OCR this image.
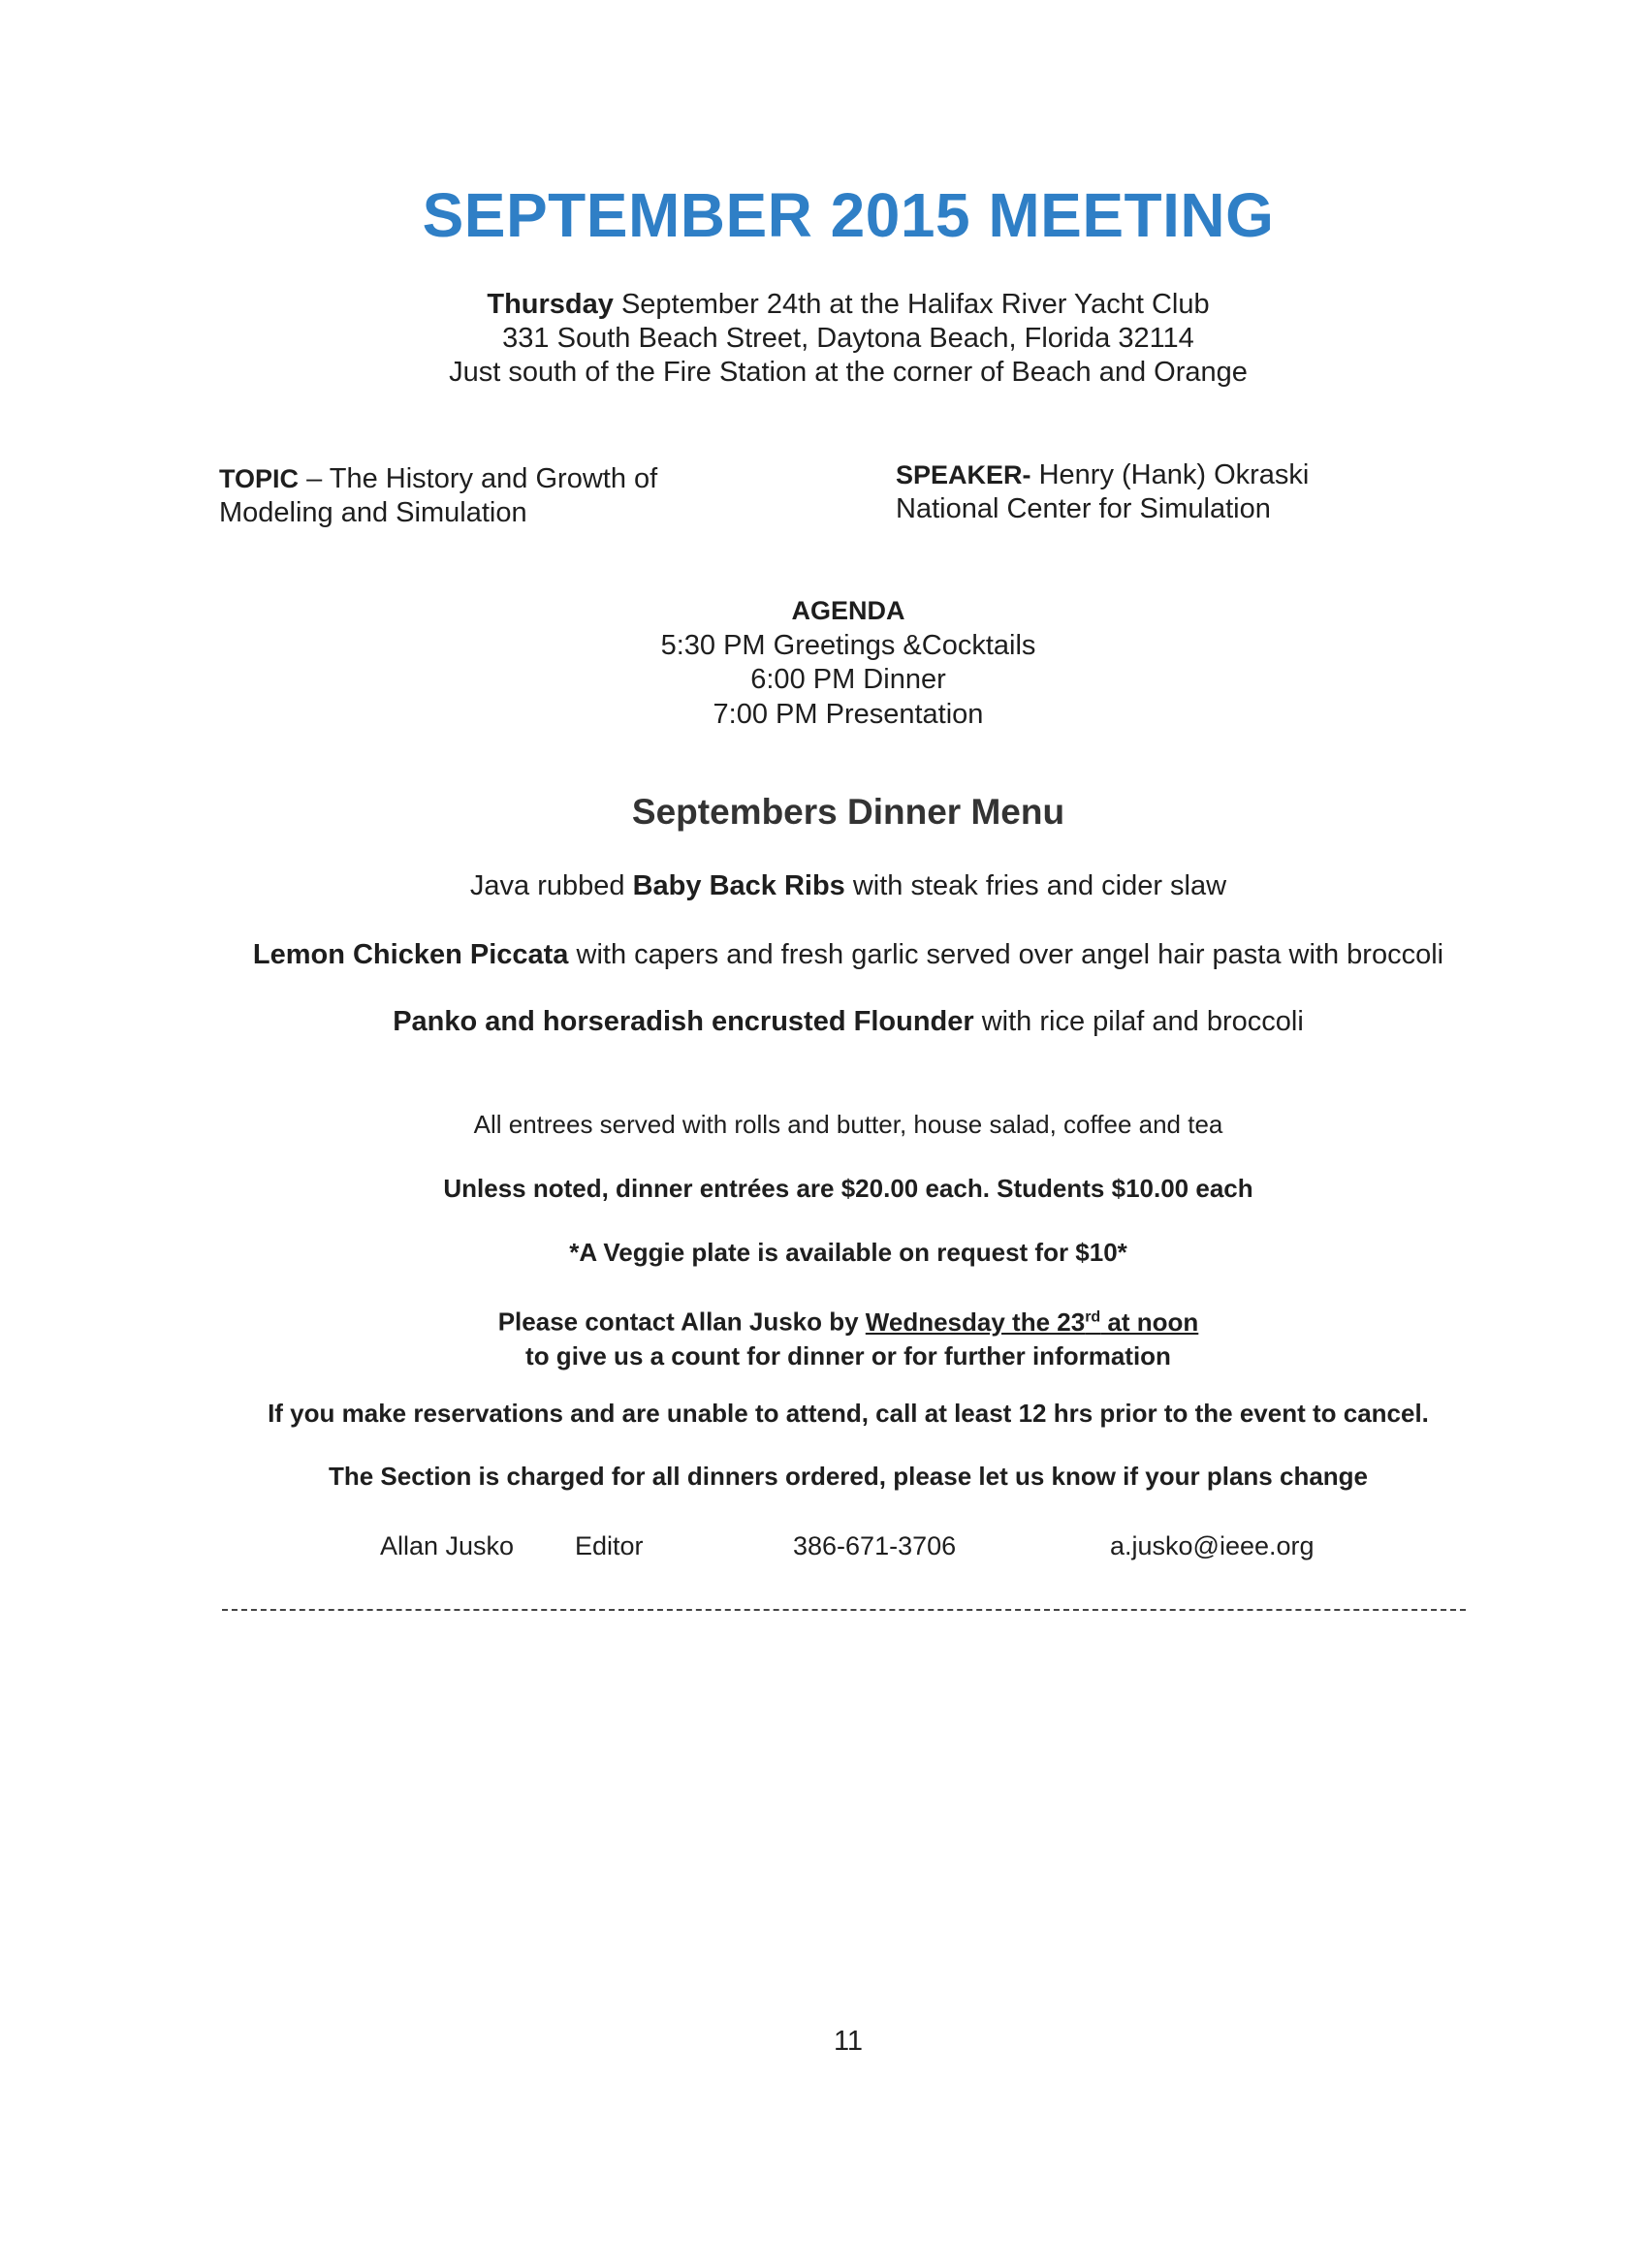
SEPTEMBER 2015 MEETING
Thursday September 24th at the Halifax River Yacht Club
331 South Beach Street, Daytona Beach, Florida 32114
Just south of the Fire Station at the corner of Beach and Orange
TOPIC – The History and Growth of
Modeling and Simulation
SPEAKER- Henry (Hank) Okraski
National Center for Simulation
AGENDA
5:30 PM Greetings &Cocktails
6:00 PM Dinner
7:00 PM Presentation
Septembers Dinner Menu
Java rubbed Baby Back Ribs with steak fries and cider slaw
Lemon Chicken Piccata with capers and fresh garlic served over angel hair pasta with broccoli
Panko and horseradish encrusted Flounder with rice pilaf and broccoli
All entrees served with rolls and butter, house salad, coffee and tea
Unless noted, dinner entrées are $20.00 each. Students $10.00 each
*A Veggie plate is available on request for $10*
Please contact Allan Jusko by Wednesday the 23rd at noon
to give us a count for dinner or for further information
If you make reservations and are unable to attend, call at least 12 hrs prior to the event to cancel.
The Section is charged for all dinners ordered, please let us know if your plans change
Allan Jusko Editor	386-671-3706	a.jusko@ieee.org
11
